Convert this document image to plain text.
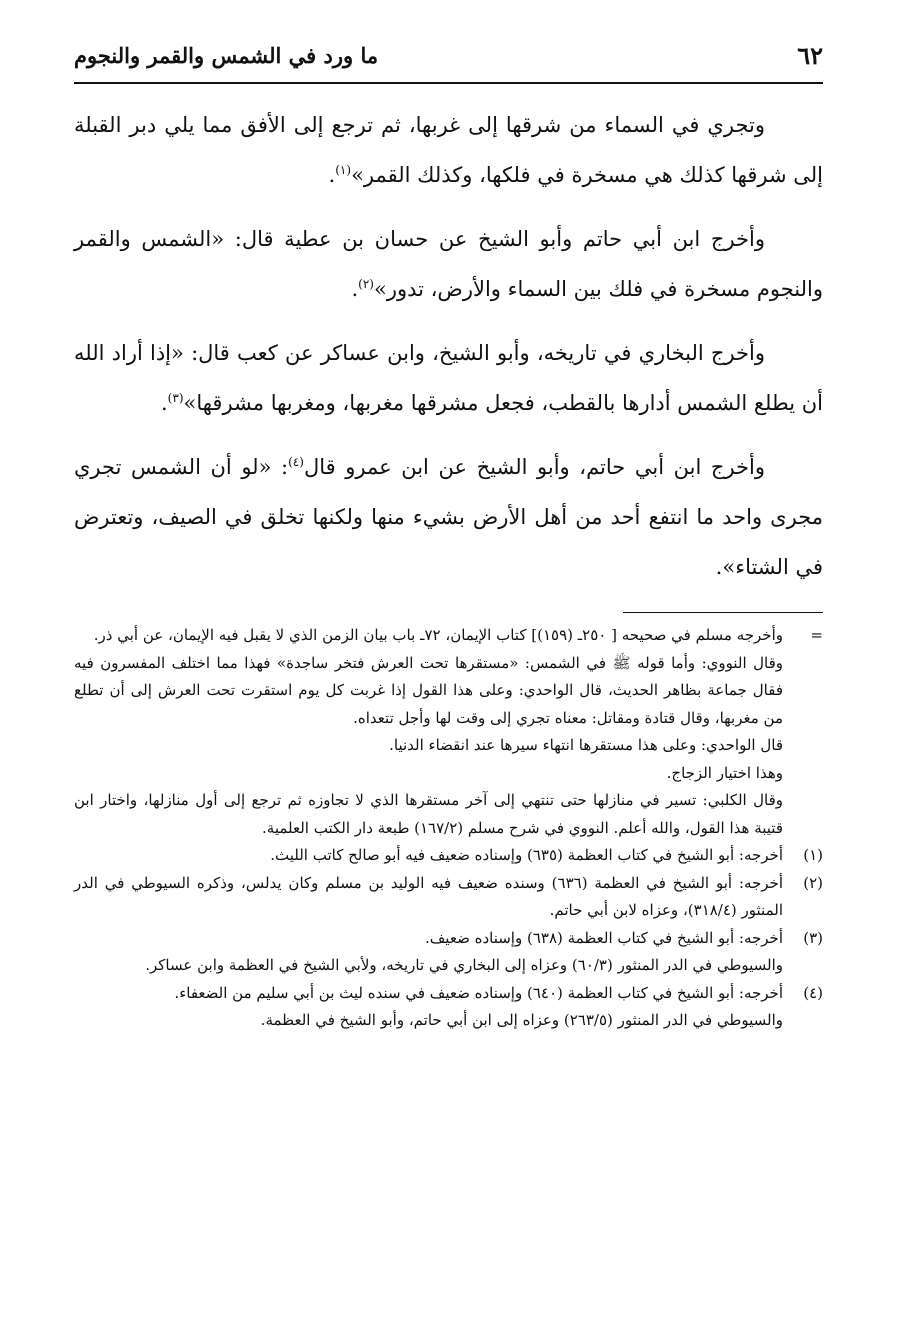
٦٢
ما ورد في الشمس والقمر والنجوم

وتجري في السماء من شرقها إلى غربها، ثم ترجع إلى الأفق مما يلي دبر القبلة إلى شرقها كذلك هي مسخرة في فلكها، وكذلك القمر»$^{(١)}$.

وأخرج ابن أبي حاتم وأبو الشيخ عن حسان بن عطية قال: «الشمس والقمر والنجوم مسخرة في فلك بين السماء والأرض، تدور»$^{(٢)}$.

وأخرج البخاري في تاريخه، وأبو الشيخ، وابن عساكر عن كعب قال: «إذا أراد الله أن يطلع الشمس أدارها بالقطب، فجعل مشرقها مغربها، ومغربها مشرقها»$^{(٣)}$.

وأخرج ابن أبي حاتم، وأبو الشيخ عن ابن عمرو قال$^{(٤)}$: «لو أن الشمس تجري مجرى واحد ما انتفع أحد من أهل الأرض بشيء منها ولكنها تخلق في الصيف، وتعترض في الشتاء».

=
وأخرجه مسلم في صحيحه [ ٢٥٠ـ (١٥٩)] كتاب الإيمان، ٧٢ـ باب بيان الزمن الذي لا يقبل فيه الإيمان، عن أبي ذر.
وقال النووي: وأما قوله ﷺ في الشمس: «مستقرها تحت العرش فتخر ساجدة» فهذا مما اختلف المفسرون فيه فقال جماعة بظاهر الحديث، قال الواحدي: وعلى هذا القول إذا غربت كل يوم استقرت تحت العرش إلى أن تطلع من مغربها، وقال قتادة ومقاتل: معناه تجري إلى وقت لها وأجل تتعداه.
قال الواحدي: وعلى هذا مستقرها انتهاء سيرها عند انقضاء الدنيا.
وهذا اختيار الزجاج.
وقال الكلبي: تسير في منازلها حتى تنتهي إلى آخر مستقرها الذي لا تجاوزه ثم ترجع إلى أول منازلها، واختار ابن قتيبة هذا القول، والله أعلم. النووي في شرح مسلم (١٦٧/٢) طبعة دار الكتب العلمية.
(١)
أخرجه: أبو الشيخ في كتاب العظمة (٦٣٥) وإسناده ضعيف فيه أبو صالح كاتب الليث.
(٢)
أخرجه: أبو الشيخ في العظمة (٦٣٦) وسنده ضعيف فيه الوليد بن مسلم وكان يدلس، وذكره السيوطي في الدر المنثور (٣١٨/٤)، وعزاه لابن أبي حاتم.
(٣)
أخرجه: أبو الشيخ في كتاب العظمة (٦٣٨) وإسناده ضعيف.
والسيوطي في الدر المنثور (٦٠/٣) وعزاه إلى البخاري في تاريخه، ولأبي الشيخ في العظمة وابن عساكر.
(٤)
أخرجه: أبو الشيخ في كتاب العظمة (٦٤٠) وإسناده ضعيف في سنده ليث بن أبي سليم من الضعفاء.
والسيوطي في الدر المنثور (٢٦٣/٥) وعزاه إلى ابن أبي حاتم، وأبو الشيخ في العظمة.
